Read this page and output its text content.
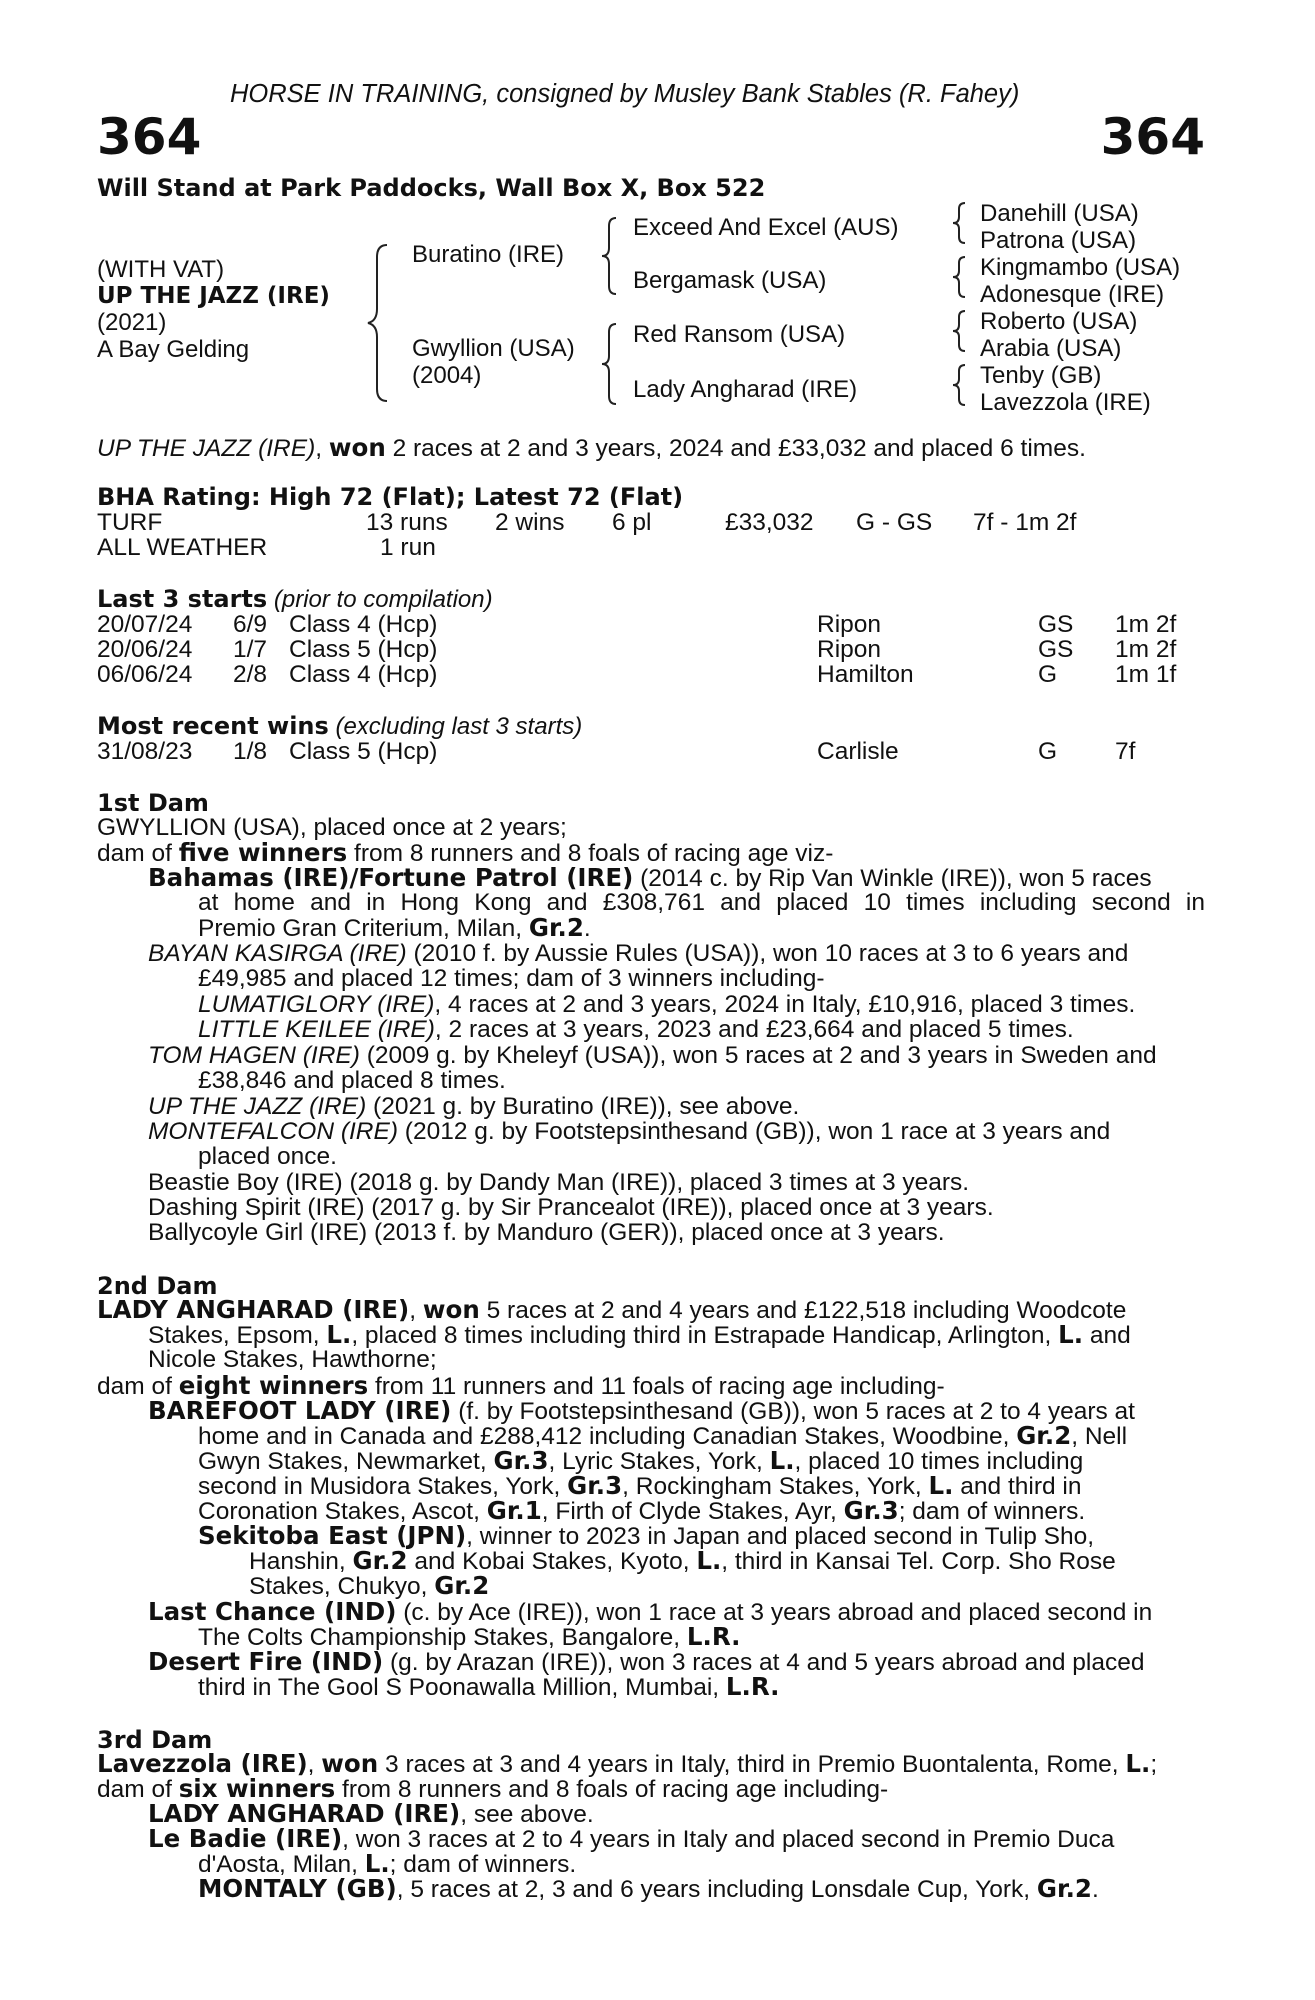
HORSE IN TRAINING, consigned by Musley Bank Stables (R. Fahey)
364	364
Will Stand at Park Paddocks, Wall Box X, Box 522
(WITH VAT)
UP THE JAZZ (IRE)
(2021)
A Bay Gelding
Buratino (IRE)
Gwyllion (USA)
(2004)
Exceed And Excel (AUS)
Bergamask (USA)
Red Ransom (USA)
Lady Angharad (IRE)
Danehill (USA)
Patrona (USA)
Kingmambo (USA)
Adonesque (IRE)
Roberto (USA)
Arabia (USA)
Tenby (GB)
Lavezzola (IRE)
UP THE JAZZ (IRE), won 2 races at 2 and 3 years, 2024 and £33,032 and placed 6 times.
BHA Rating: High 72 (Flat); Latest 72 (Flat)
TURF	13 runs 2 wins 6 pl	£33,032 G - GS 7f - 1m 2f
ALL WEATHER	1 run
Last 3 starts (prior to compilation)
20/07/24 6/9 Class 4 (Hcp)	Ripon	GS 1m 2f
20/06/24 1/7 Class 5 (Hcp)	Ripon	GS 1m 2f
06/06/24 2/8 Class 4 (Hcp)	Hamilton	G 1m 1f
Most recent wins (excluding last 3 starts)
31/08/23 1/8 Class 5 (Hcp)	Carlisle	G 7f
1st Dam
GWYLLION (USA), placed once at 2 years;
dam of five winners from 8 runners and 8 foals of racing age viz-
Bahamas (IRE)/Fortune Patrol (IRE) (2014 c. by Rip Van Winkle (IRE)), won 5 races
at home and in Hong Kong and £308,761 and placed 10 times including second in
Premio Gran Criterium, Milan, Gr.2.
BAYAN KASIRGA (IRE) (2010 f. by Aussie Rules (USA)), won 10 races at 3 to 6 years and
£49,985 and placed 12 times; dam of 3 winners including-
LUMATIGLORY (IRE), 4 races at 2 and 3 years, 2024 in Italy, £10,916, placed 3 times.
LITTLE KEILEE (IRE), 2 races at 3 years, 2023 and £23,664 and placed 5 times.
TOM HAGEN (IRE) (2009 g. by Kheleyf (USA)), won 5 races at 2 and 3 years in Sweden and
£38,846 and placed 8 times.
UP THE JAZZ (IRE) (2021 g. by Buratino (IRE)), see above.
MONTEFALCON (IRE) (2012 g. by Footstepsinthesand (GB)), won 1 race at 3 years and
placed once.
Beastie Boy (IRE) (2018 g. by Dandy Man (IRE)), placed 3 times at 3 years.
Dashing Spirit (IRE) (2017 g. by Sir Prancealot (IRE)), placed once at 3 years.
Ballycoyle Girl (IRE) (2013 f. by Manduro (GER)), placed once at 3 years.
2nd Dam
LADY ANGHARAD (IRE), won 5 races at 2 and 4 years and £122,518 including Woodcote
Stakes, Epsom, L., placed 8 times including third in Estrapade Handicap, Arlington, L. and
Nicole Stakes, Hawthorne;
dam of eight winners from 11 runners and 11 foals of racing age including-
BAREFOOT LADY (IRE) (f. by Footstepsinthesand (GB)), won 5 races at 2 to 4 years at
home and in Canada and £288,412 including Canadian Stakes, Woodbine, Gr.2, Nell
Gwyn Stakes, Newmarket, Gr.3, Lyric Stakes, York, L., placed 10 times including
second in Musidora Stakes, York, Gr.3, Rockingham Stakes, York, L. and third in
Coronation Stakes, Ascot, Gr.1, Firth of Clyde Stakes, Ayr, Gr.3; dam of winners.
Sekitoba East (JPN), winner to 2023 in Japan and placed second in Tulip Sho,
Hanshin, Gr.2 and Kobai Stakes, Kyoto, L., third in Kansai Tel. Corp. Sho Rose
Stakes, Chukyo, Gr.2
Last Chance (IND) (c. by Ace (IRE)), won 1 race at 3 years abroad and placed second in
The Colts Championship Stakes, Bangalore, L.R.
Desert Fire (IND) (g. by Arazan (IRE)), won 3 races at 4 and 5 years abroad and placed
third in The Gool S Poonawalla Million, Mumbai, L.R.
3rd Dam
Lavezzola (IRE), won 3 races at 3 and 4 years in Italy, third in Premio Buontalenta, Rome, L.;
dam of six winners from 8 runners and 8 foals of racing age including-
LADY ANGHARAD (IRE), see above.
Le Badie (IRE), won 3 races at 2 to 4 years in Italy and placed second in Premio Duca
d'Aosta, Milan, L.; dam of winners.
MONTALY (GB), 5 races at 2, 3 and 6 years including Lonsdale Cup, York, Gr.2.
